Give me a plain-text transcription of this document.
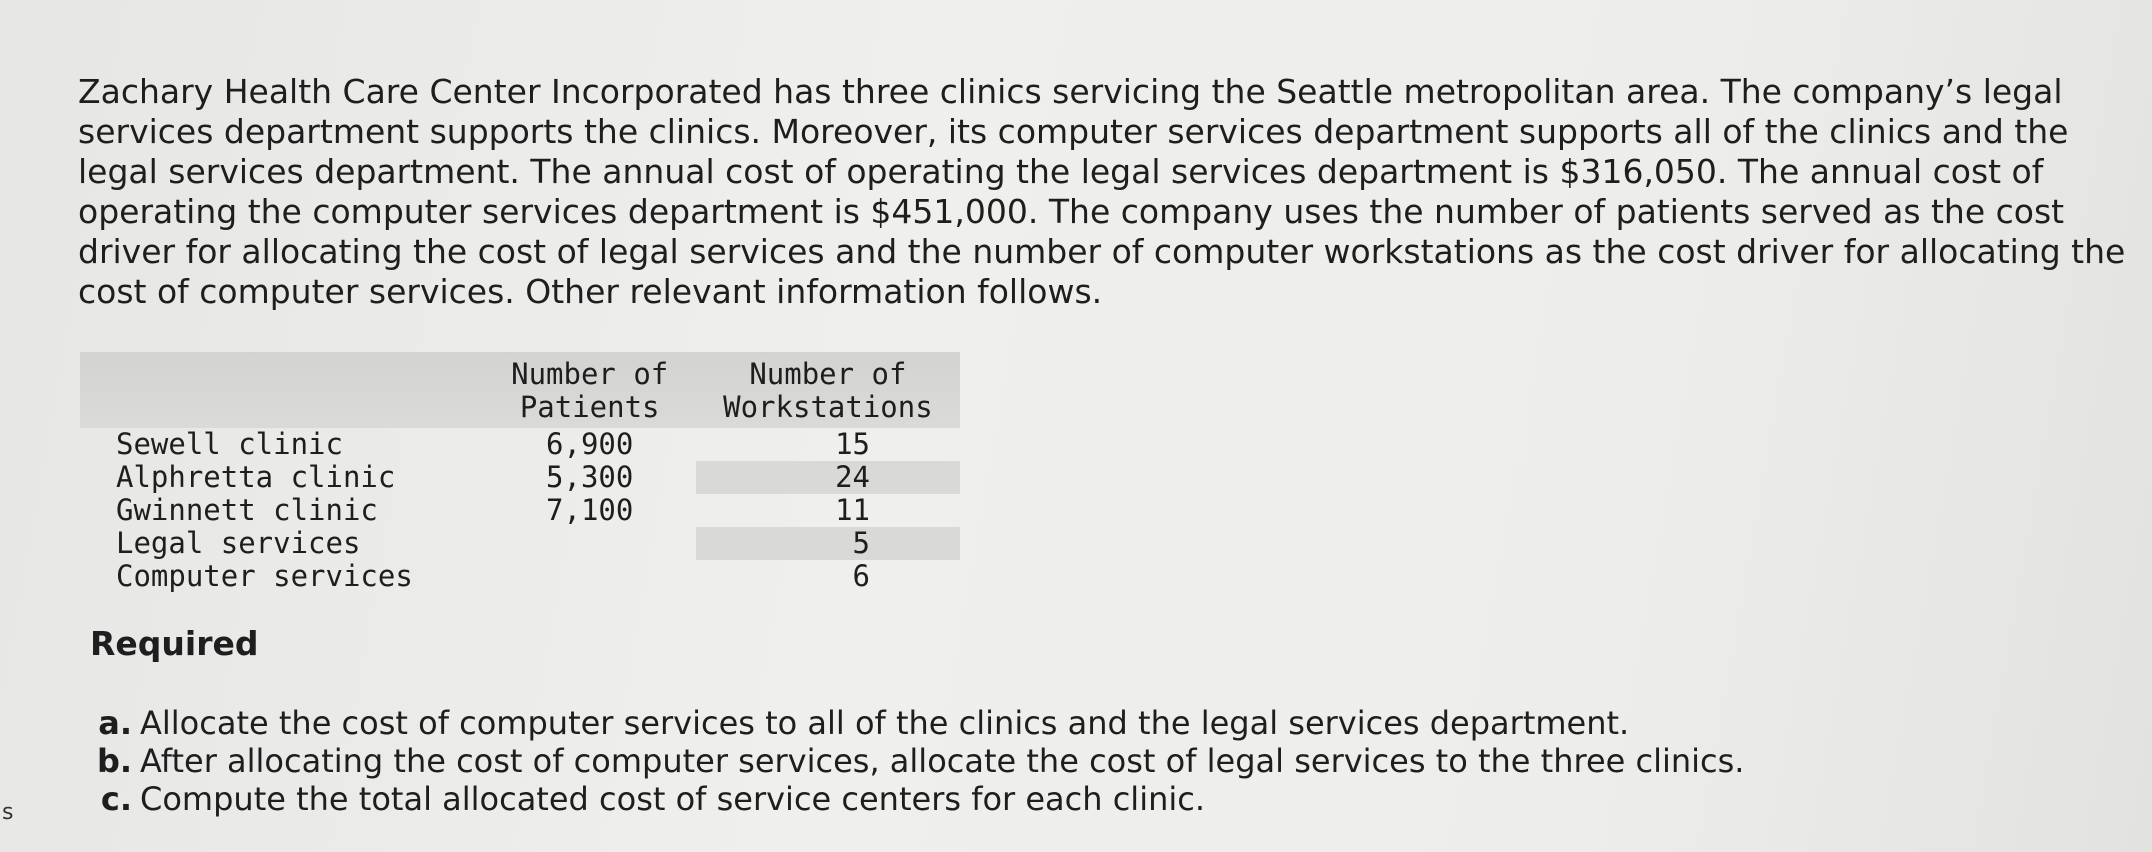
Zachary Health Care Center Incorporated has three clinics servicing the Seattle metropolitan area. The company’s legal services department supports the clinics. Moreover, its computer services department supports all of the clinics and the legal services department. The annual cost of operating the legal services department is $316,050. The annual cost of operating the computer services department is $451,000. The company uses the number of patients served as the cost driver for allocating the cost of legal services and the number of computer workstations as the cost driver for allocating the cost of computer services. Other relevant information follows.

	Number of Patients	Number of Workstations
Sewell clinic	6,900	15
Alphretta clinic	5,300	24
Gwinnett clinic	7,100	11
Legal services		5
Computer services		6
Required
a. Allocate the cost of computer services to all of the clinics and the legal services department.
b. After allocating the cost of computer services, allocate the cost of legal services to the three clinics.
c. Compute the total allocated cost of service centers for each clinic.
s
